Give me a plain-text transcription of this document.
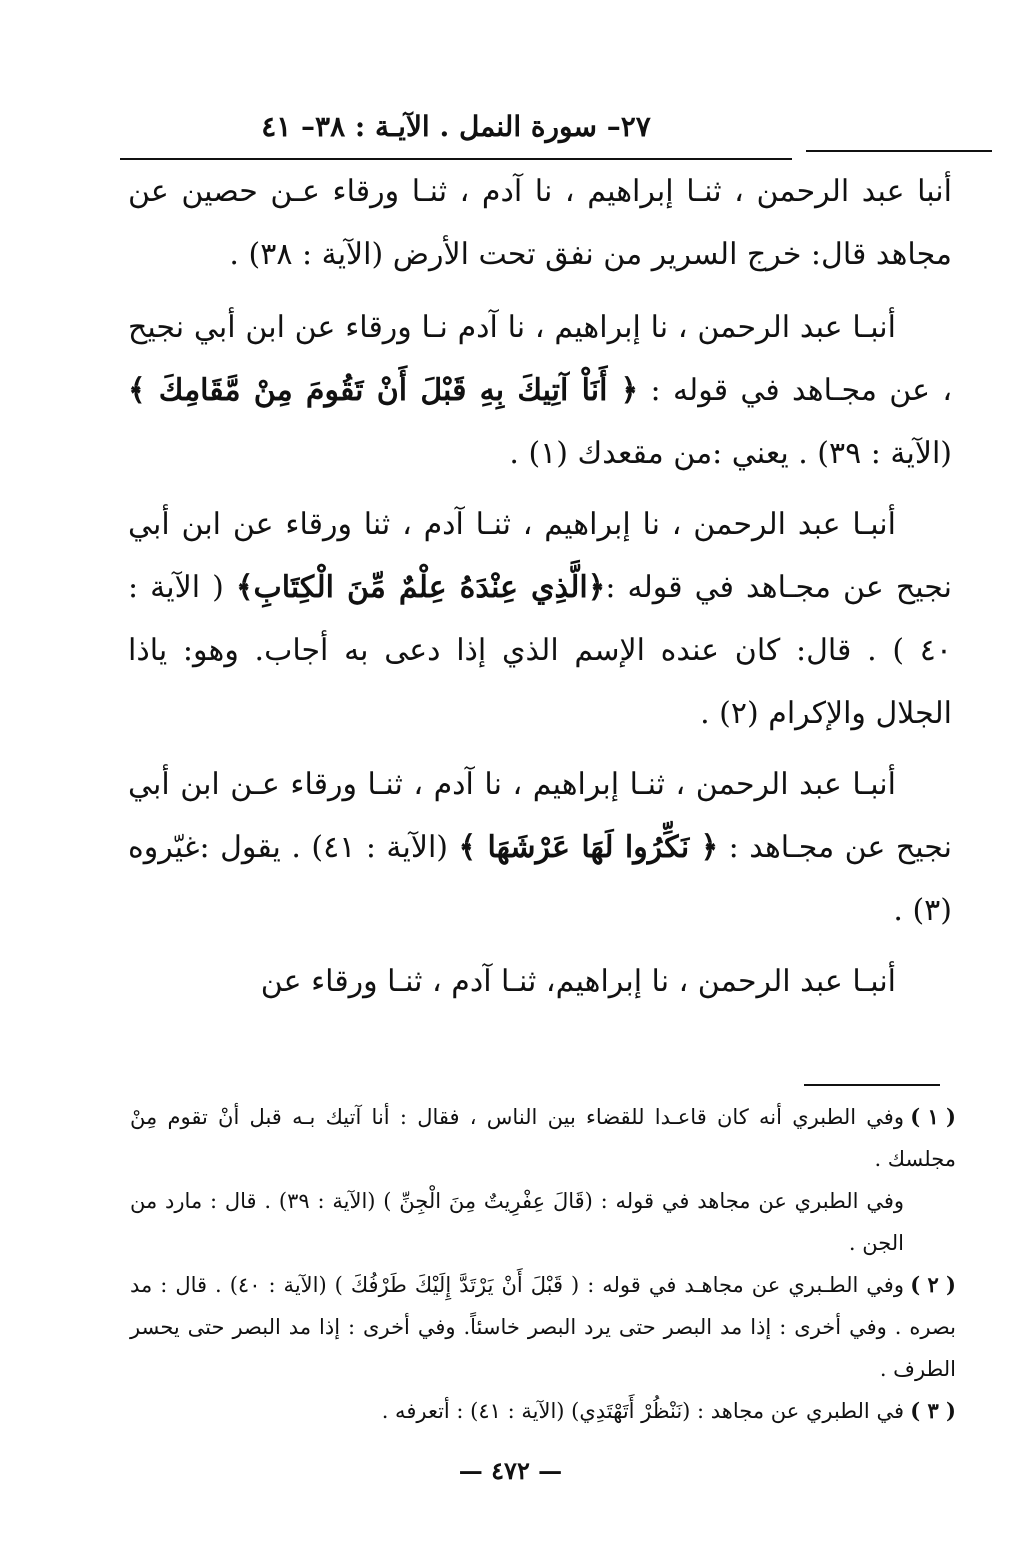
٢٧– سورة النمل . الآيـة : ٣٨– ٤١

أنبا عبد الرحمن ، ثنـا إبراهيم ، نا آدم ، ثنـا ورقاء عـن حصين عن مجاهد قال: خرج السرير من نفق تحت الأرض (الآية : ٣٨) .

أنبـا عبد الرحمن ، نا إبراهيم ، نا آدم نـا ورقاء عن ابن أبي نجيح ، عن مجـاهد في قوله : ﴿ أَنَاْ آتِيكَ بِهِ قَبْلَ أَنْ تَقُومَ مِنْ مَّقَامِكَ ﴾ (الآية : ٣٩) . يعني :من مقعدك (١) .

أنبـا عبد الرحمن ، نا إبراهيم ، ثنـا آدم ، ثنا ورقاء عن ابن أبي نجيح عن مجـاهد في قوله :﴿الَّذِي عِنْدَهُ عِلْمٌ مِّنَ الْكِتَابِ﴾ ( الآية : ٤٠ ) . قال: كان عنده الإسم الذي إذا دعى به أجاب. وهو: ياذا الجلال والإكرام (٢) .

أنبـا عبد الرحمن ، ثنـا إبراهيم ، نا آدم ، ثنـا ورقاء عـن ابن أبي نجيح عن مجـاهد : ﴿ نَكِّرُوا لَهَا عَرْشَهَا ﴾ (الآية : ٤١) . يقول :غيّروه (٣) .

أنبـا عبد الرحمن ، نا إبراهيم، ثنـا آدم ، ثنـا ورقاء عن

( ١ )وفي الطبري أنه كان قاعـدا للقضاء بين الناس ، فقال : أنا آتيك بـه قبل أنْ تقوم مِنْ مجلسك .
وفي الطبري عن مجاهد في قوله : (قَالَ عِفْرِيتٌ مِنَ الْجِنِّ ) (الآية : ٣٩) . قال : مارد من الجن .
( ٢ )وفي الطـبري عن مجاهـد في قوله : ( قَبْلَ أَنْ يَرْتَدَّ إِلَيْكَ طَرْفُكَ ) (الآية : ٤٠) . قال : مد بصره . وفي أخرى : إذا مد البصر حتى يرد البصر خاسئاً. وفي أخرى : إذا مد البصر حتى يحسر الطرف .
( ٣ )في الطبري عن مجاهد : (نَنْظُرْ أَتَهْتَدِي) (الآية : ٤١) : أتعرفه .
— ٤٧٢ —
